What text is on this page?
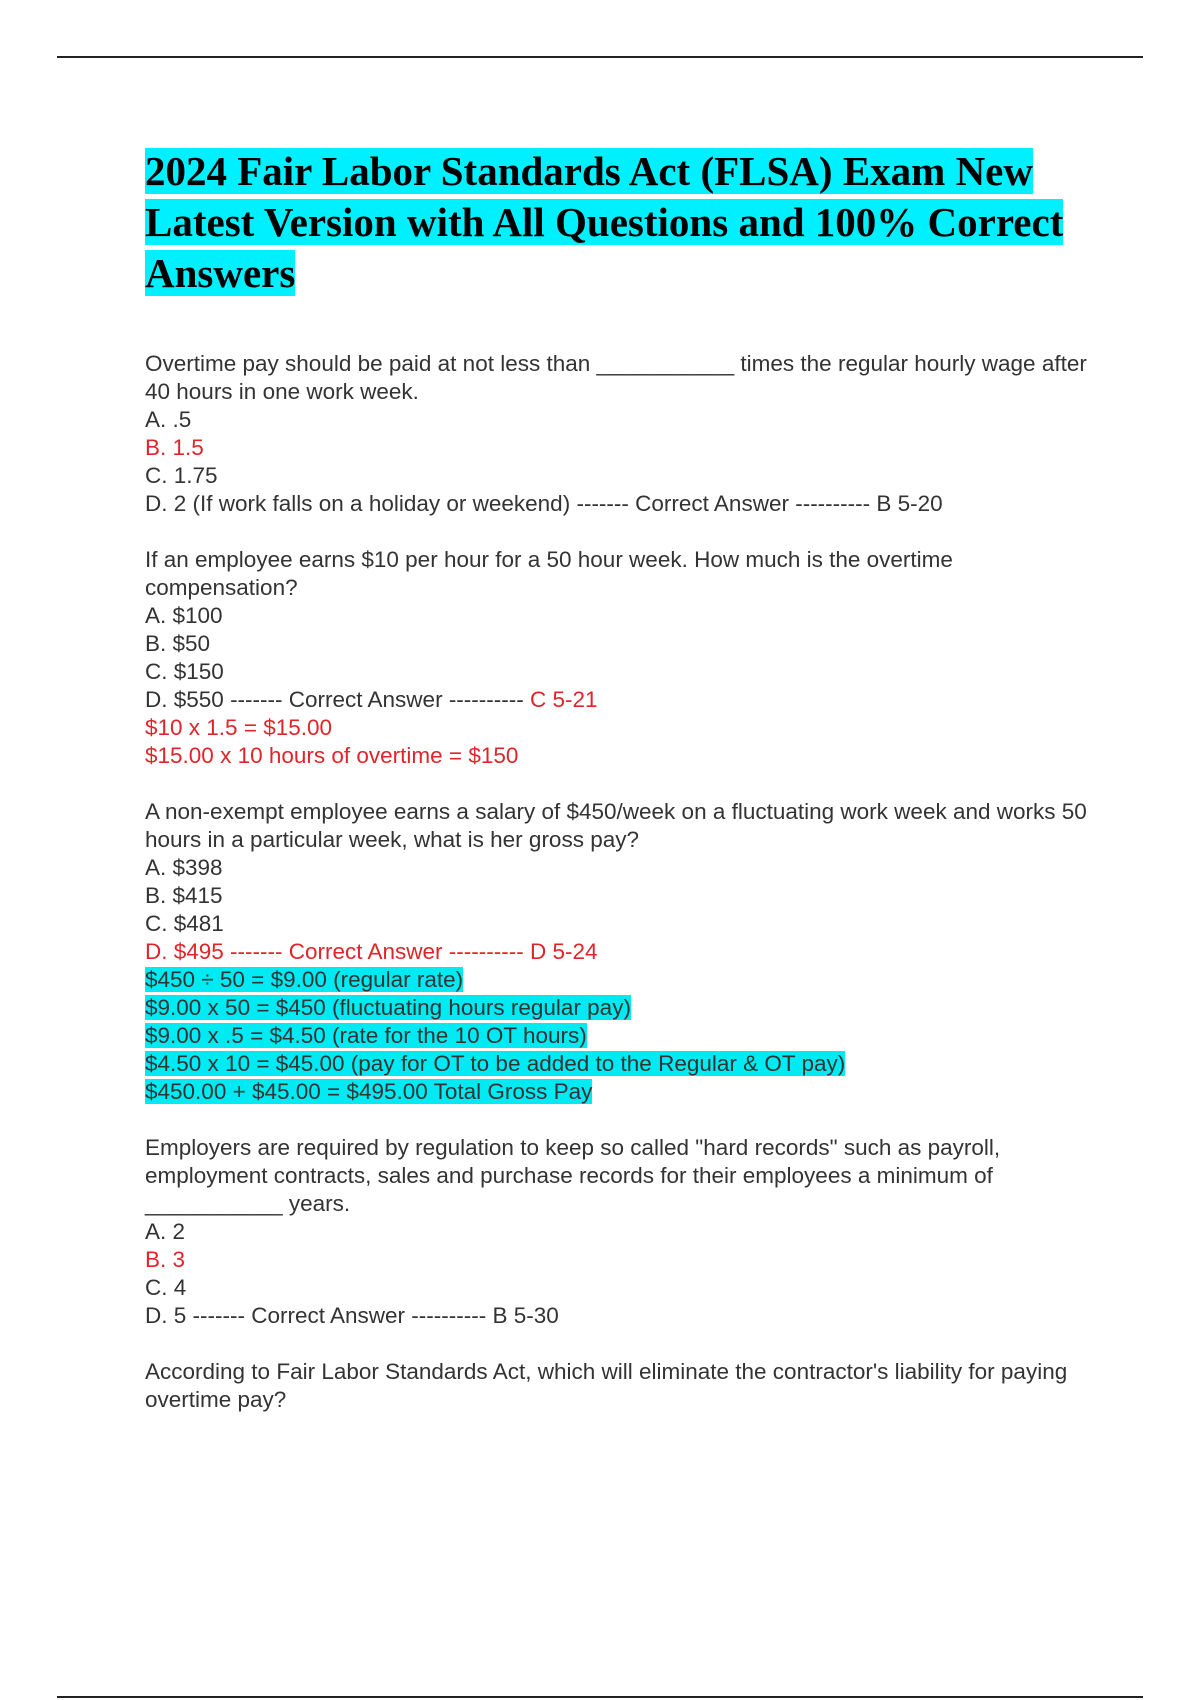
2024 Fair Labor Standards Act (FLSA) Exam New Latest Version with All Questions and 100% Correct Answers
Overtime pay should be paid at not less than ___________ times the regular hourly wage after 40 hours in one work week.
A. .5
B. 1.5
C. 1.75
D. 2 (If work falls on a holiday or weekend) ------- Correct Answer ---------- B 5-20
If an employee earns $10 per hour for a 50 hour week. How much is the overtime compensation?
A. $100
B. $50
C. $150
D. $550 ------- Correct Answer ---------- C 5-21
$10 x 1.5 = $15.00
$15.00 x 10 hours of overtime = $150
A non-exempt employee earns a salary of $450/week on a fluctuating work week and works 50 hours in a particular week, what is her gross pay?
A. $398
B. $415
C. $481
D. $495 ------- Correct Answer ---------- D 5-24
$450 ÷ 50 = $9.00 (regular rate)
$9.00 x 50 = $450 (fluctuating hours regular pay)
$9.00 x .5 = $4.50 (rate for the 10 OT hours)
$4.50 x 10 = $45.00 (pay for OT to be added to the Regular & OT pay)
$450.00 + $45.00 = $495.00 Total Gross Pay
Employers are required by regulation to keep so called "hard records" such as payroll, employment contracts, sales and purchase records for their employees a minimum of ___________ years.
A. 2
B. 3
C. 4
D. 5 ------- Correct Answer ---------- B 5-30
According to Fair Labor Standards Act, which will eliminate the contractor's liability for paying overtime pay?
